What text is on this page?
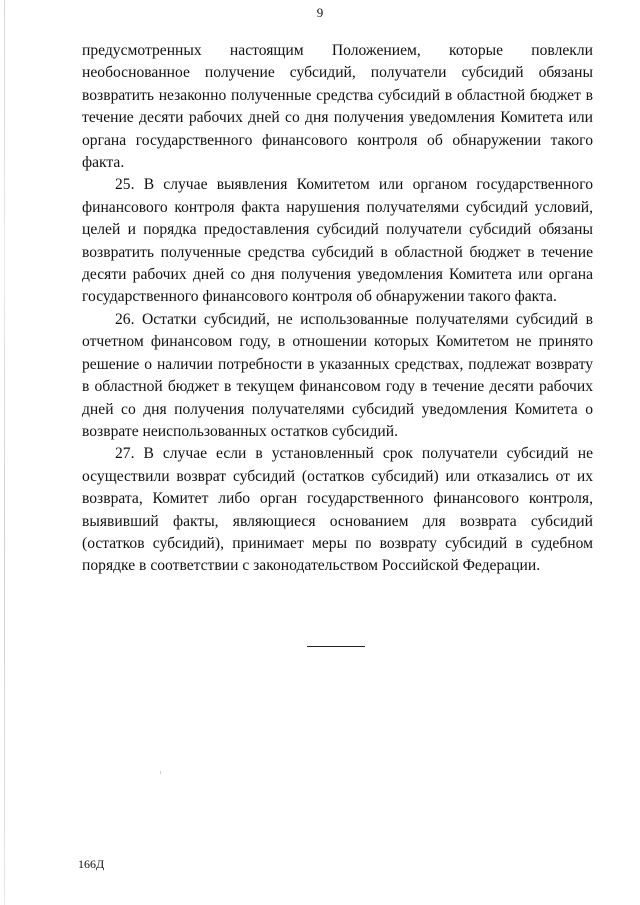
9

предусмотренных настоящим Положением, которые повлекли необоснованное получение субсидий, получатели субсидий обязаны возвратить незаконно полученные средства субсидий в областной бюджет в течение десяти рабочих дней со дня получения уведомления Комитета или органа государственного финансового контроля об обнаружении такого факта.

25. В случае выявления Комитетом или органом государственного финансового контроля факта нарушения получателями субсидий условий, целей и порядка предоставления субсидий получатели субсидий обязаны возвратить полученные средства субсидий в областной бюджет в течение десяти рабочих дней со дня получения уведомления Комитета или органа государственного финансового контроля об обнаружении такого факта.

26. Остатки субсидий, не использованные получателями субсидий в отчетном финансовом году, в отношении которых Комитетом не принято решение о наличии потребности в указанных средствах, подлежат возврату в областной бюджет в текущем финансовом году в течение десяти рабочих дней со дня получения получателями субсидий уведомления Комитета о возврате неиспользованных остатков субсидий.

27. В случае если в установленный срок получатели субсидий не осуществили возврат субсидий (остатков субсидий) или отказались от их возврата, Комитет либо орган государственного финансового контроля, выявивший факты, являющиеся основанием для возврата субсидий (остатков субсидий), принимает меры по возврату субсидий в судебном порядке в соответствии с законодательством Российской Федерации.

166Д
